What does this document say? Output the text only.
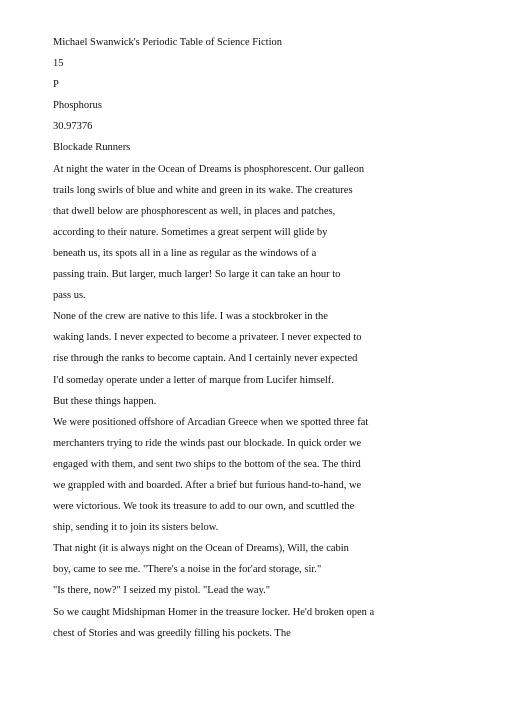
Michael Swanwick's Periodic Table of Science Fiction
15
P
Phosphorus
30.97376
Blockade Runners
At night the water in the Ocean of Dreams is phosphorescent. Our galleon
trails long swirls of blue and white and green in its wake. The creatures
that dwell below are phosphorescent as well, in places and patches,
according to their nature. Sometimes a great serpent will glide by
beneath us, its spots all in a line as regular as the windows of a
passing train. But larger, much larger! So large it can take an hour to
pass us.
None of the crew are native to this life. I was a stockbroker in the
waking lands. I never expected to become a privateer. I never expected to
rise through the ranks to become captain. And I certainly never expected
I'd someday operate under a letter of marque from Lucifer himself.
But these things happen.
We were positioned offshore of Arcadian Greece when we spotted three fat
merchanters trying to ride the winds past our blockade. In quick order we
engaged with them, and sent two ships to the bottom of the sea. The third
we grappled with and boarded. After a brief but furious hand-to-hand, we
were victorious. We took its treasure to add to our own, and scuttled the
ship, sending it to join its sisters below.
That night (it is always night on the Ocean of Dreams), Will, the cabin
boy, came to see me. "There's a noise in the for'ard storage, sir."
"Is there, now?" I seized my pistol. "Lead the way."
So we caught Midshipman Homer in the treasure locker. He'd broken open a
chest of Stories and was greedily filling his pockets. The
